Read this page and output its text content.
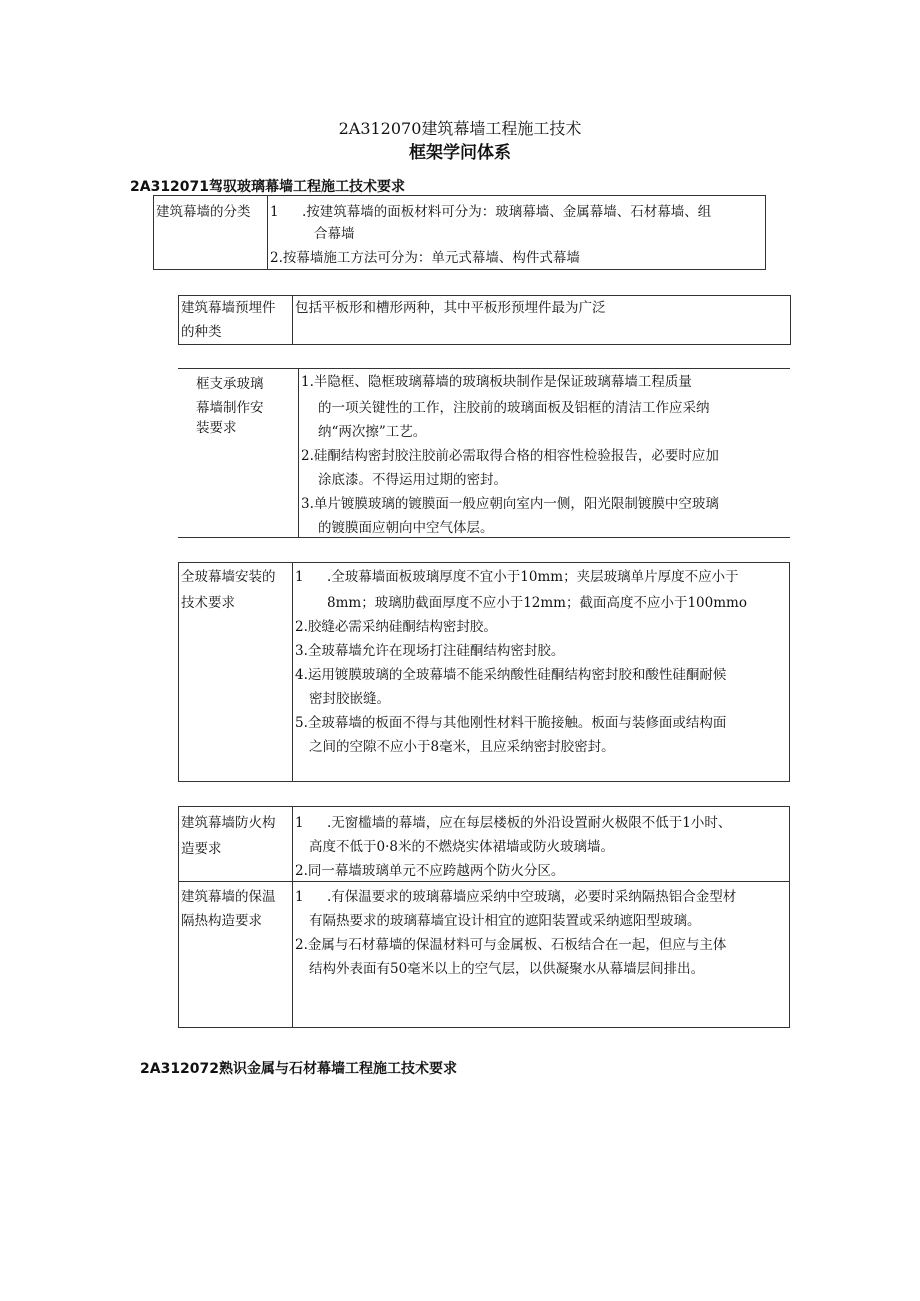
2A312070建筑幕墙工程施工技术
框架学问体系
2A312071驾驭玻璃幕墙工程施工技术要求
建筑幕墙的分类 1 .按建筑幕墙的面板材料可分为：玻璃幕墙、金属幕墙、石材幕墙、组
合幕墙
2.按幕墙施工方法可分为：单元式幕墙、构件式幕墙
建筑幕墙预埋件
的种类
包括平板形和槽形两种，其中平板形预埋件最为广泛
框支承玻璃
幕墙制作安
装要求
1.半隐框、隐框玻璃幕墙的玻璃板块制作是保证玻璃幕墙工程质量
的一项关键性的工作，注胶前的玻璃面板及铝框的清洁工作应采纳
纳“两次擦”工艺。
2.硅酮结构密封胶注胶前必需取得合格的相容性检验报告，必要时应加
涂底漆。不得运用过期的密封。
3.单片镀膜玻璃的镀膜面一般应朝向室内一侧，阳光限制镀膜中空玻璃
的镀膜面应朝向中空气体层。
全玻幕墙安装的
技术要求
1 .全玻幕墙面板玻璃厚度不宜小于10mm；夹层玻璃单片厚度不应小于
8mm；玻璃肋截面厚度不应小于12mm；截面高度不应小于100mmo
2.胶缝必需采纳硅酮结构密封胶。
3.全玻幕墙允许在现场打注硅酮结构密封胶。
4.运用镀膜玻璃的全玻幕墙不能采纳酸性硅酮结构密封胶和酸性硅酮耐候
密封胶嵌缝。
5.全玻幕墙的板面不得与其他刚性材料干脆接触。板面与装修面或结构面
之间的空隙不应小于8毫米，且应采纳密封胶密封。
建筑幕墙防火构
造要求
1 .无窗槛墙的幕墙，应在每层楼板的外沿设置耐火极限不低于1小时、
高度不低于0·8米的不燃烧实体裙墙或防火玻璃墙。
2.同一幕墙玻璃单元不应跨越两个防火分区。
建筑幕墙的保温
隔热构造要求
1 .有保温要求的玻璃幕墙应采纳中空玻璃，必要时采纳隔热铝合金型材
有隔热要求的玻璃幕墙宜设计相宜的遮阳装置或采纳遮阳型玻璃。
2.金属与石材幕墙的保温材料可与金属板、石板结合在一起，但应与主体
结构外表面有50毫米以上的空气层，以供凝聚水从幕墙层间排出。
2A312072熟识金属与石材幕墙工程施工技术要求
